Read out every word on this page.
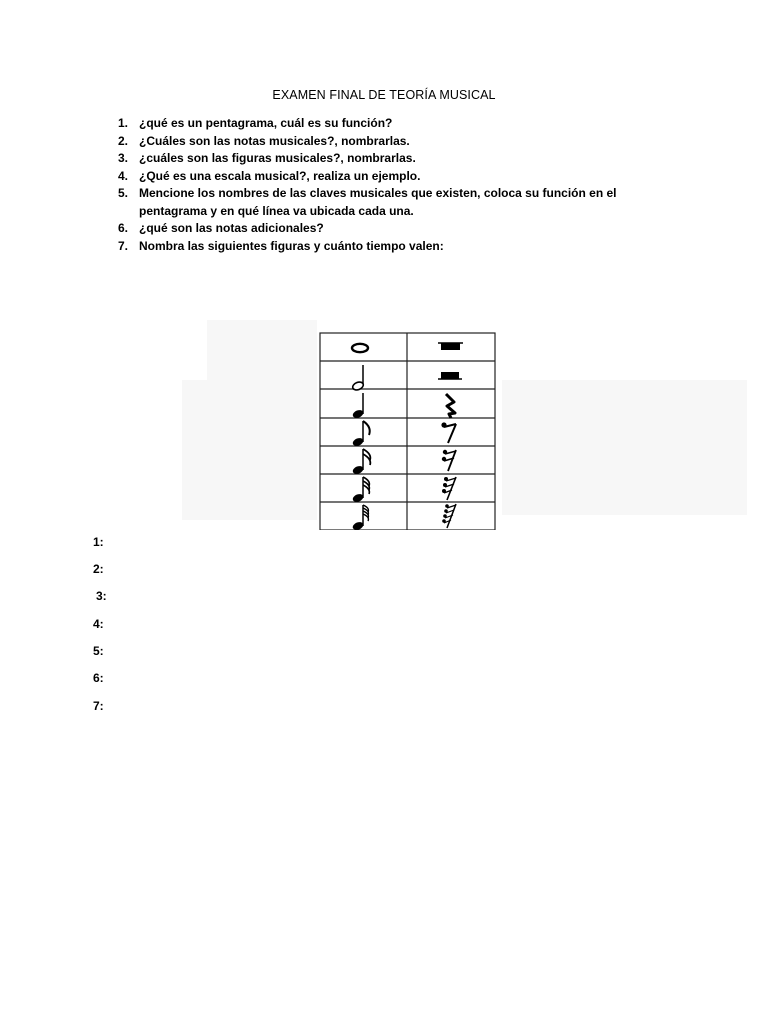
EXAMEN FINAL DE TEORÍA MUSICAL
1. ¿qué es un pentagrama, cuál es su función?
2. ¿Cuáles son las notas musicales?, nombrarlas.
3. ¿cuáles son las figuras musicales?, nombrarlas.
4. ¿Qué es una escala musical?, realiza un ejemplo.
5. Mencione los nombres de las claves musicales que existen, coloca su función en el pentagrama y en qué línea va ubicada cada una.
6. ¿qué son las notas adicionales?
7. Nombra las siguientes figuras y cuánto tiempo valen:
1:
2:
3:
4:
5:
6:
7:
